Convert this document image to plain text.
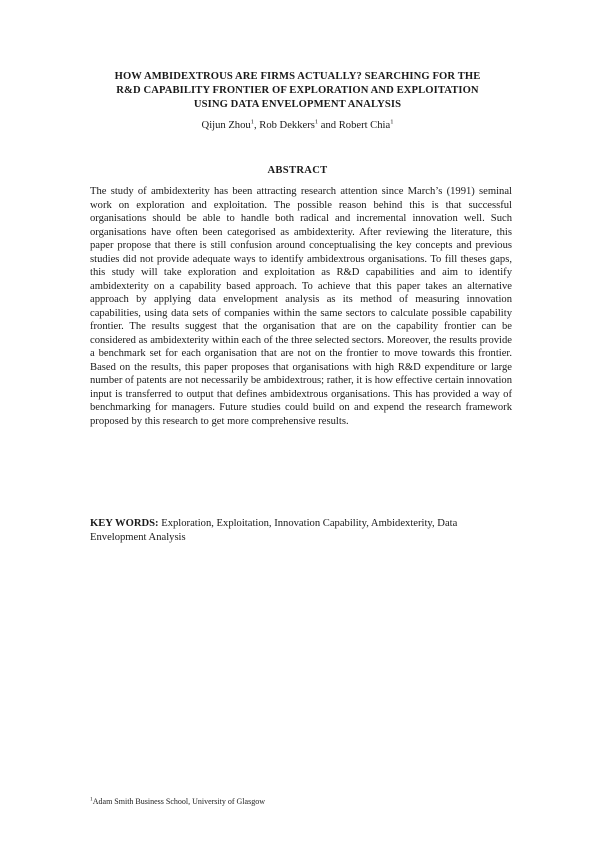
HOW AMBIDEXTROUS ARE FIRMS ACTUALLY? SEARCHING FOR THE
R&D CAPABILITY FRONTIER OF EXPLORATION AND EXPLOITATION
USING DATA ENVELOPMENT ANALYSIS
Qijun Zhou$^1$, Rob Dekkers$^1$ and Robert Chia$^1$
ABSTRACT

The study of ambidexterity has been attracting research attention since March’s (1991) seminal work on exploration and exploitation. The possible reason behind this is that successful organisations should be able to handle both radical and incremental innovation well. Such organisations have often been categorised as ambidexterity. After reviewing the literature, this paper propose that there is still confusion around conceptualising the key concepts and previous studies did not provide adequate ways to identify ambidextrous organisations. To fill theses gaps, this study will take exploration and exploitation as R&D capabilities and aim to identify ambidexterity on a capability based approach. To achieve that this paper takes an alternative approach by applying data envelopment analysis as its method of measuring innovation capabilities, using data sets of companies within the same sectors to calculate possible capability frontier. The results suggest that the organisation that are on the capability frontier can be considered as ambidexterity within each of the three selected sectors. Moreover, the results provide a benchmark set for each organisation that are not on the frontier to move towards this frontier. Based on the results, this paper proposes that organisations with high R&D expenditure or large number of patents are not necessarily be ambidextrous; rather, it is how effective certain innovation input is transferred to output that defines ambidextrous organisations. This has provided a way of benchmarking for managers. Future studies could build on and expend the research framework proposed by this research to get more comprehensive results.

KEY WORDS: Exploration, Exploitation, Innovation Capability, Ambidexterity, Data Envelopment Analysis
$^1$Adam Smith Business School, University of Glasgow
